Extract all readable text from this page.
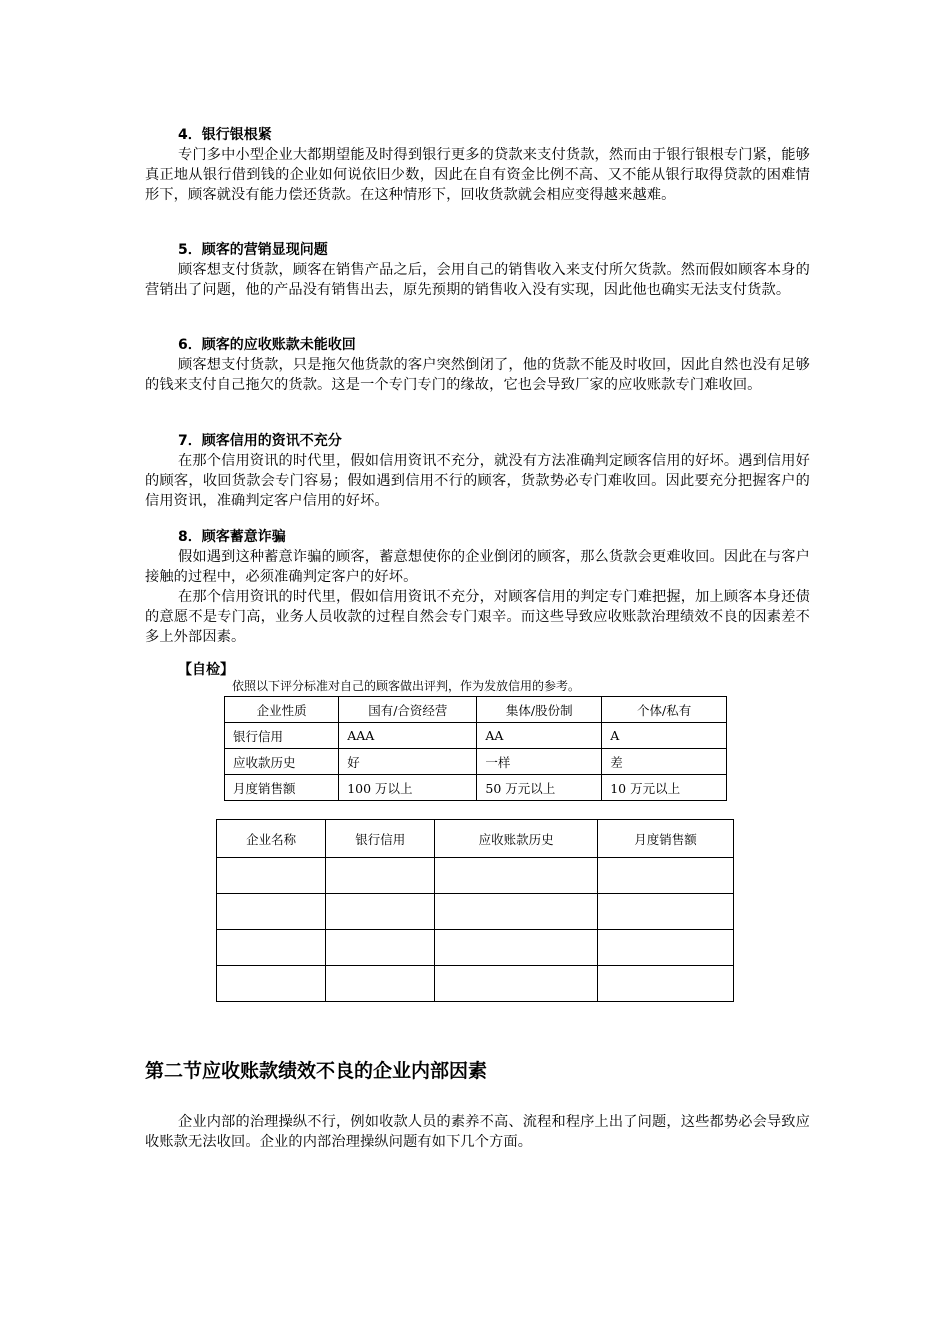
4．银行银根紧

专门多中小型企业大都期望能及时得到银行更多的贷款来支付货款，然而由于银行银根专门紧，能够真正地从银行借到钱的企业如何说依旧少数，因此在自有资金比例不高、又不能从银行取得贷款的困难情形下，顾客就没有能力偿还货款。在这种情形下，回收货款就会相应变得越来越难。

5．顾客的营销显现问题

顾客想支付货款，顾客在销售产品之后，会用自己的销售收入来支付所欠货款。然而假如顾客本身的营销出了问题，他的产品没有销售出去，原先预期的销售收入没有实现，因此他也确实无法支付货款。

6．顾客的应收账款未能收回

顾客想支付货款，只是拖欠他货款的客户突然倒闭了，他的货款不能及时收回，因此自然也没有足够的钱来支付自己拖欠的货款。这是一个专门专门的缘故，它也会导致厂家的应收账款专门难收回。

7．顾客信用的资讯不充分

在那个信用资讯的时代里，假如信用资讯不充分，就没有方法准确判定顾客信用的好坏。遇到信用好的顾客，收回货款会专门容易；假如遇到信用不行的顾客，货款势必专门难收回。因此要充分把握客户的信用资讯，准确判定客户信用的好坏。

8．顾客蓄意诈骗

假如遇到这种蓄意诈骗的顾客，蓄意想使你的企业倒闭的顾客，那么货款会更难收回。因此在与客户接触的过程中，必须准确判定客户的好坏。

在那个信用资讯的时代里，假如信用资讯不充分，对顾客信用的判定专门难把握，加上顾客本身还债的意愿不是专门高，业务人员收款的过程自然会专门艰辛。而这些导致应收账款治理绩效不良的因素差不多上外部因素。

【自检】
依照以下评分标准对自己的顾客做出评判，作为发放信用的参考。
企业性质	国有/合资经营	集体/股份制	个体/私有
银行信用	AAA	AA	A
应收款历史	好	一样	差
月度销售额	100 万以上	50 万元以上	10 万元以上
企业名称	银行信用	应收账款历史	月度销售额

第二节应收账款绩效不良的企业内部因素

企业内部的治理操纵不行，例如收款人员的素养不高、流程和程序上出了问题，这些都势必会导致应收账款无法收回。企业的内部治理操纵问题有如下几个方面。
